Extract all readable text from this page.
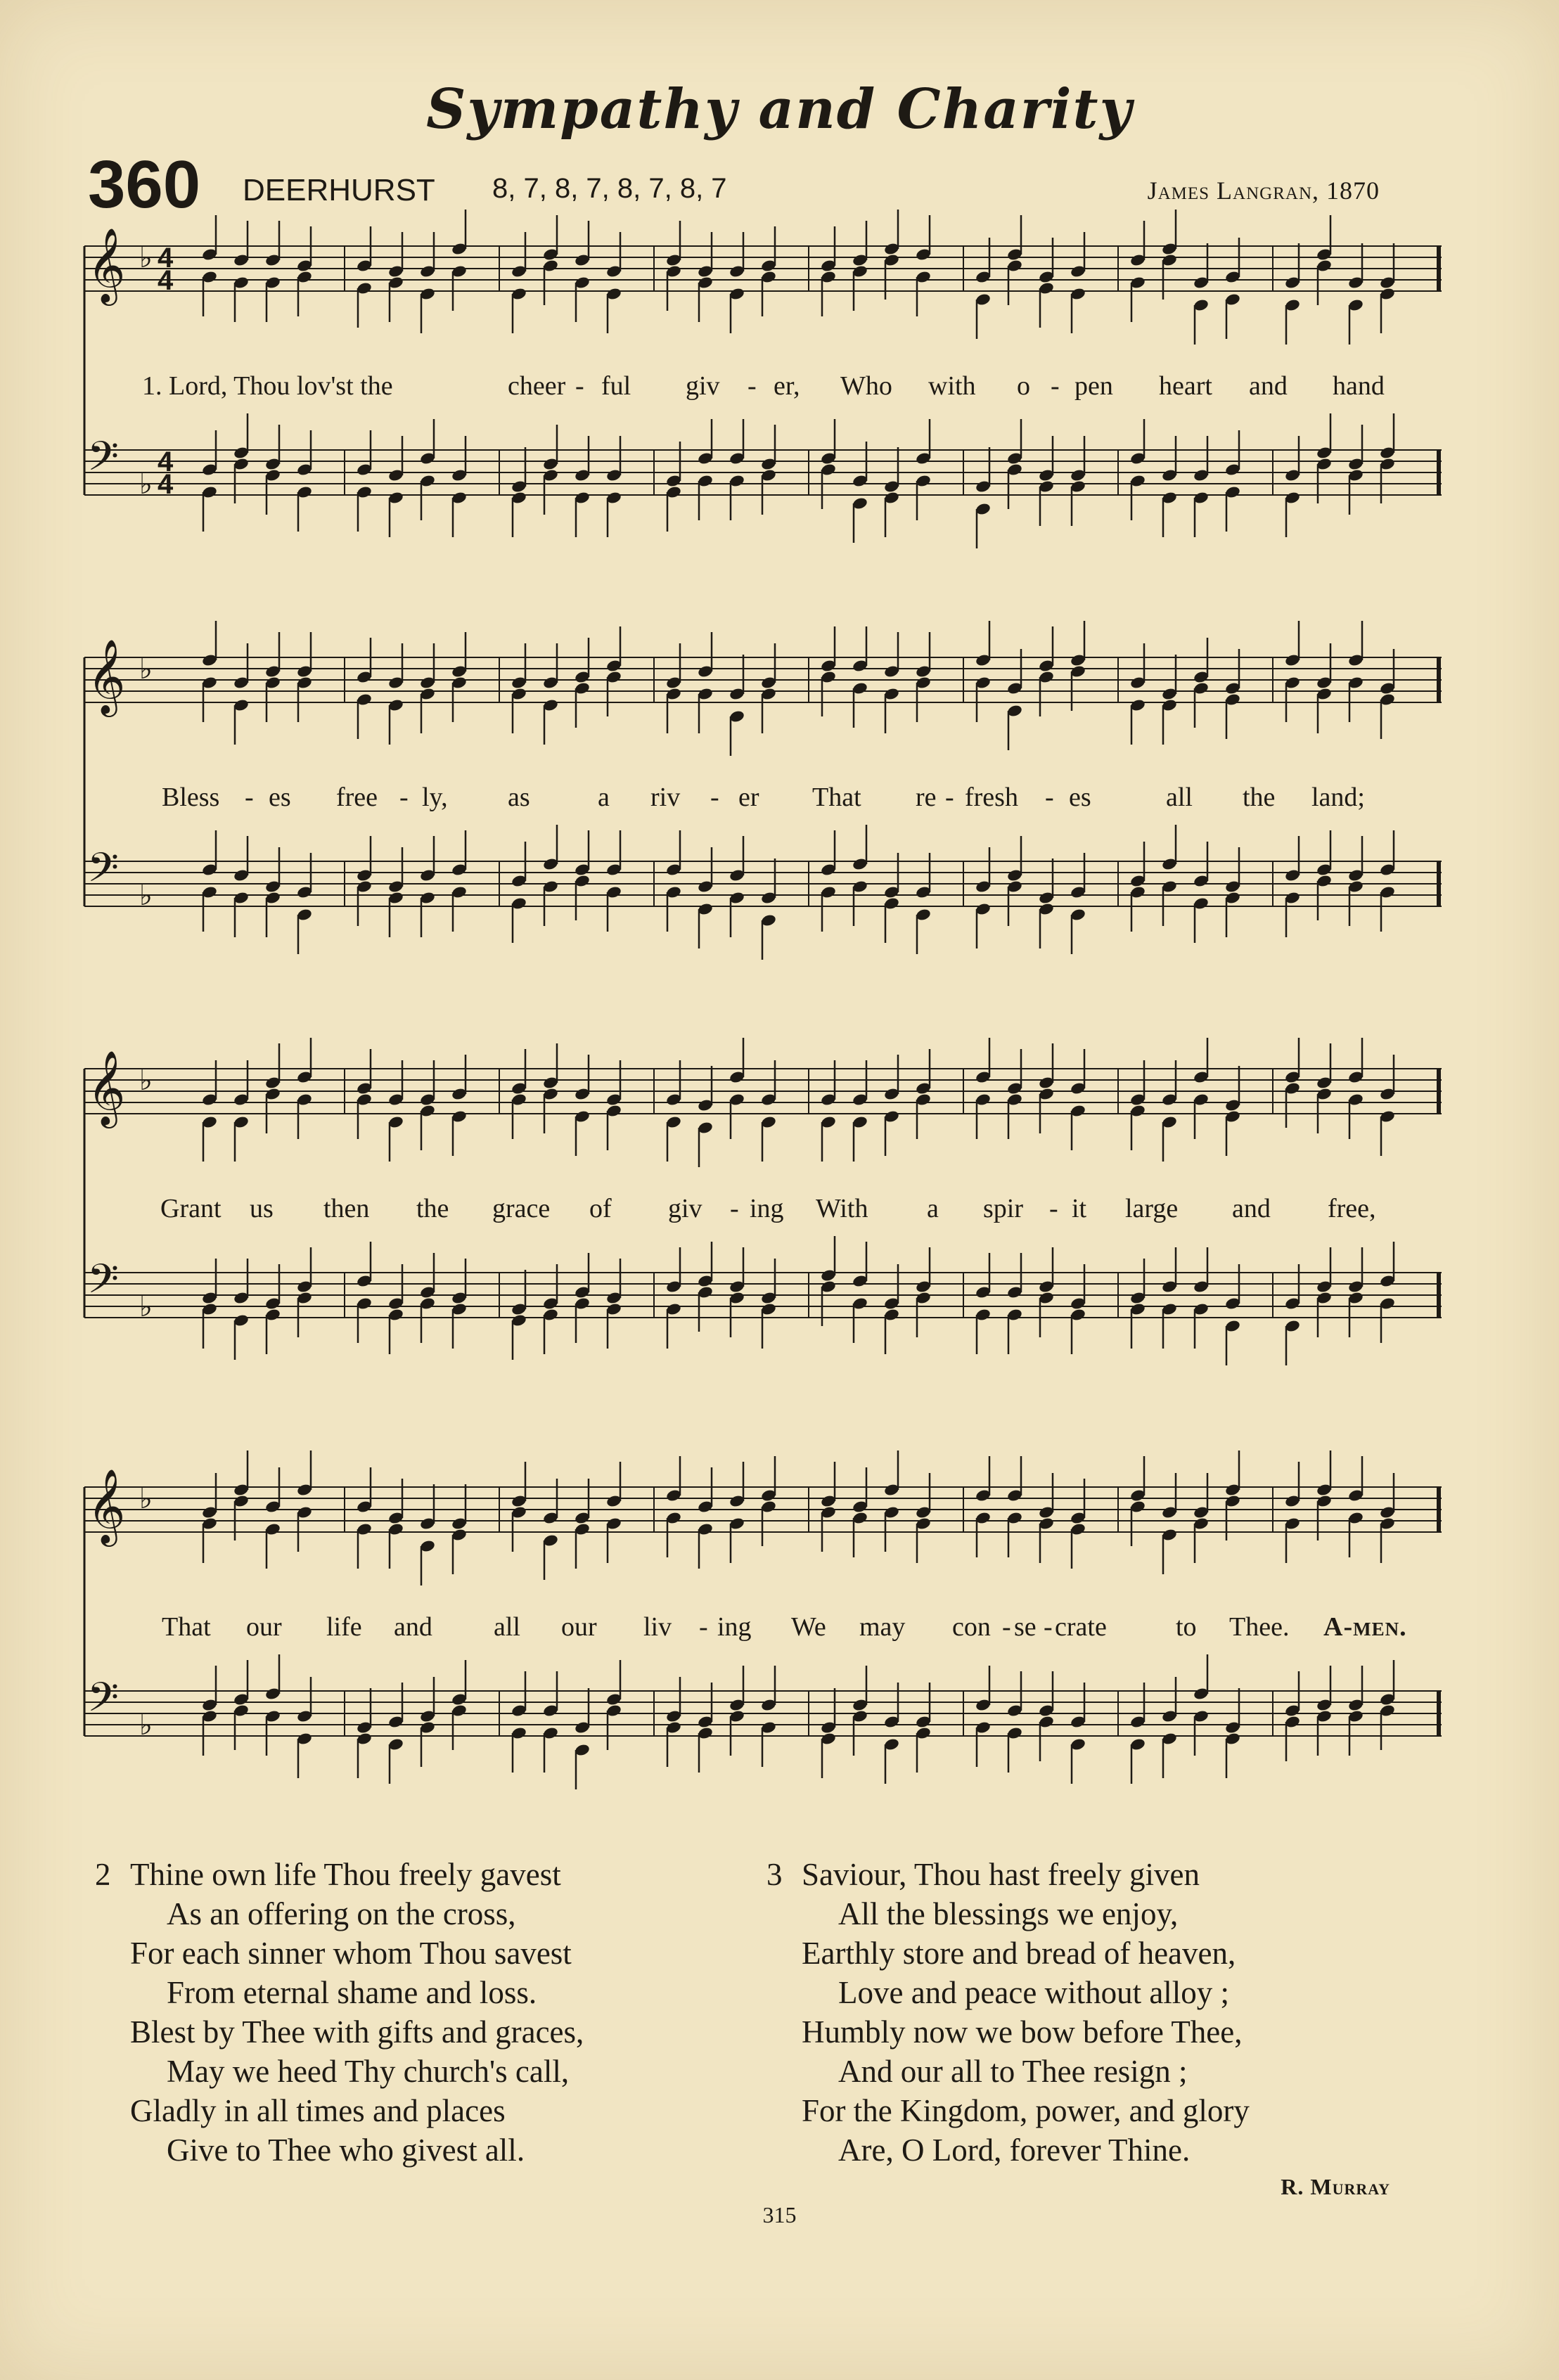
Sympathy and Charity
360 DEERHURST 8, 7, 8, 7, 8, 7, 8, 7	James Langran, 1870
𝄞 ♭ 4
4
𝄢 ♭
4
4
𝄞 ♭
𝄢 ♭
𝄞 ♭
𝄢 ♭
𝄞 ♭
𝄢 ♭
1. Lord, Thou lov'st the	cheer - ful giv - er, Who with o - pen heart and hand
Bless - es free - ly, as	a riv - er That re - fresh - es	all the land;
Grant us then the grace of giv - ing With a spir - it large and free,
That our life and all our liv - ing We may con - se - crate	to Thee. A-men.
2 Thine own life Thou freely gavest
As an offering on the cross,
For each sinner whom Thou savest
From eternal shame and loss.
Blest by Thee with gifts and graces,
May we heed Thy church's call,
Gladly in all times and places
Give to Thee who givest all.
3 Saviour, Thou hast freely given
All the blessings we enjoy,
Earthly store and bread of heaven,
Love and peace without alloy ;
Humbly now we bow before Thee,
And our all to Thee resign ;
For the Kingdom, power, and glory
Are, O Lord, forever Thine.
R. Murray
315
